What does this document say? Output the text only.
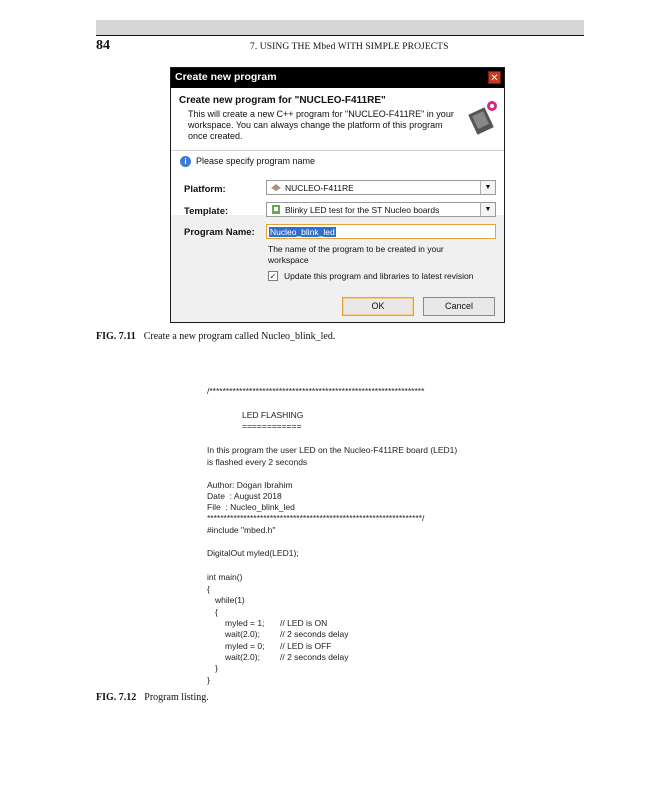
84	7. USING THE Mbed WITH SIMPLE PROJECTS
Create new program	✕
Create new program for "NUCLEO-F411RE"
This will create a new C++ program for "NUCLEO-F411RE" in your workspace. You can always change the platform of this program once created.
i	Please specify program name
Platform:	NUCLEO-F411RE	▼
Template:	Blinky LED test for the ST Nucleo boards	▼
Program Name: Nucleo_blink_led
The name of the program to be created in your workspace
✓ Update this program and libraries to latest revision
OK	Cancel
FIG. 7.11 Create a new program called Nucleo_blink_led.
/*****************************************************************
LED FLASHING
============
In this program the user LED on the Nucleo-F411RE board (LED1)
is flashed every 2 seconds
Author: Dogan Ibrahim
Date  : August 2018
File  : Nucleo_blink_led
*****************************************************************/
#include "mbed.h"
DigitalOut myled(LED1);
int main()
{
while(1)
{
myled = 1; // LED is ON
wait(2.0); // 2 seconds delay
myled = 0; // LED is OFF
wait(2.0); // 2 seconds delay
}
}
FIG. 7.12 Program listing.
